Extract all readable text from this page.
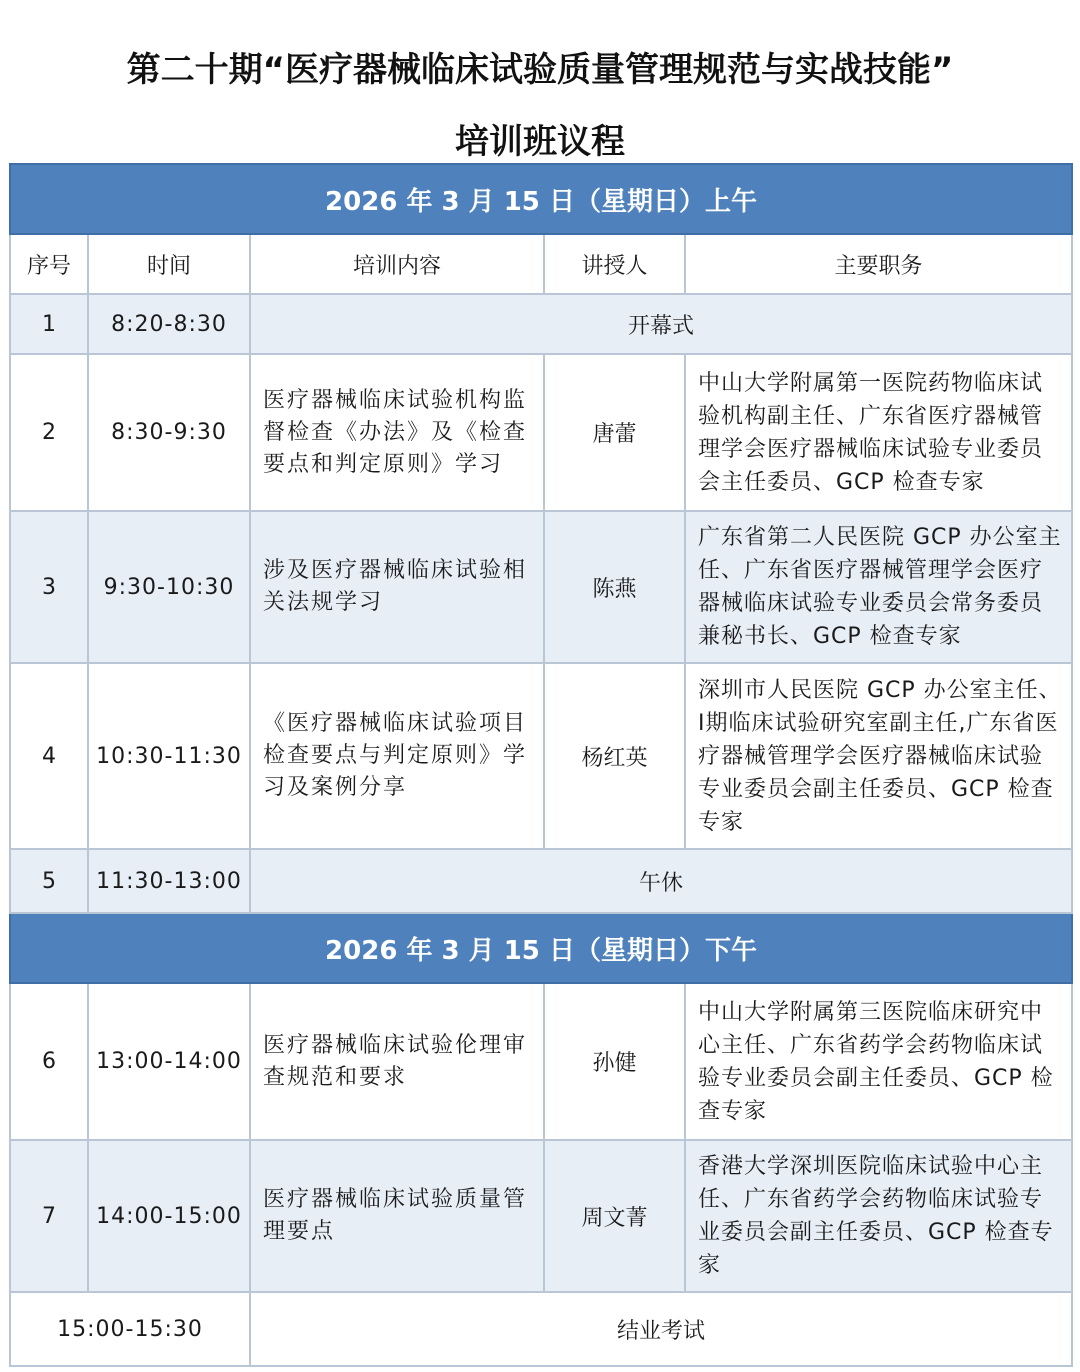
第二十期“医疗器械临床试验质量管理规范与实战技能”
培训班议程
2026 年 3 月 15 日（星期日）上午				
序号	时间	培训内容	讲授人	主要职务
1	8:20-8:30	开幕式		
2	8:30-9:30	医疗器械临床试验机构监督检查《办法》及《检查要点和判定原则》学习	唐蕾	中山大学附属第一医院药物临床试验机构副主任、广东省医疗器械管理学会医疗器械临床试验专业委员会主任委员、GCP 检查专家
3	9:30-10:30	涉及医疗器械临床试验相关法规学习	陈燕	广东省第二人民医院 GCP 办公室主任、广东省医疗器械管理学会医疗器械临床试验专业委员会常务委员兼秘书长、GCP 检查专家
4	10:30-11:30	《医疗器械临床试验项目检查要点与判定原则》学习及案例分享	杨红英	深圳市人民医院 GCP 办公室主任、Ⅰ期临床试验研究室副主任,广东省医疗器械管理学会医疗器械临床试验专业委员会副主任委员、GCP 检查专家
5	11:30-13:00	午休		
2026 年 3 月 15 日（星期日）下午				
6	13:00-14:00	医疗器械临床试验伦理审查规范和要求	孙健	中山大学附属第三医院临床研究中心主任、广东省药学会药物临床试验专业委员会副主任委员、GCP 检查专家
7	14:00-15:00	医疗器械临床试验质量管理要点	周文菁	香港大学深圳医院临床试验中心主任、广东省药学会药物临床试验专业委员会副主任委员、GCP 检查专家
15:00-15:30		结业考试		
